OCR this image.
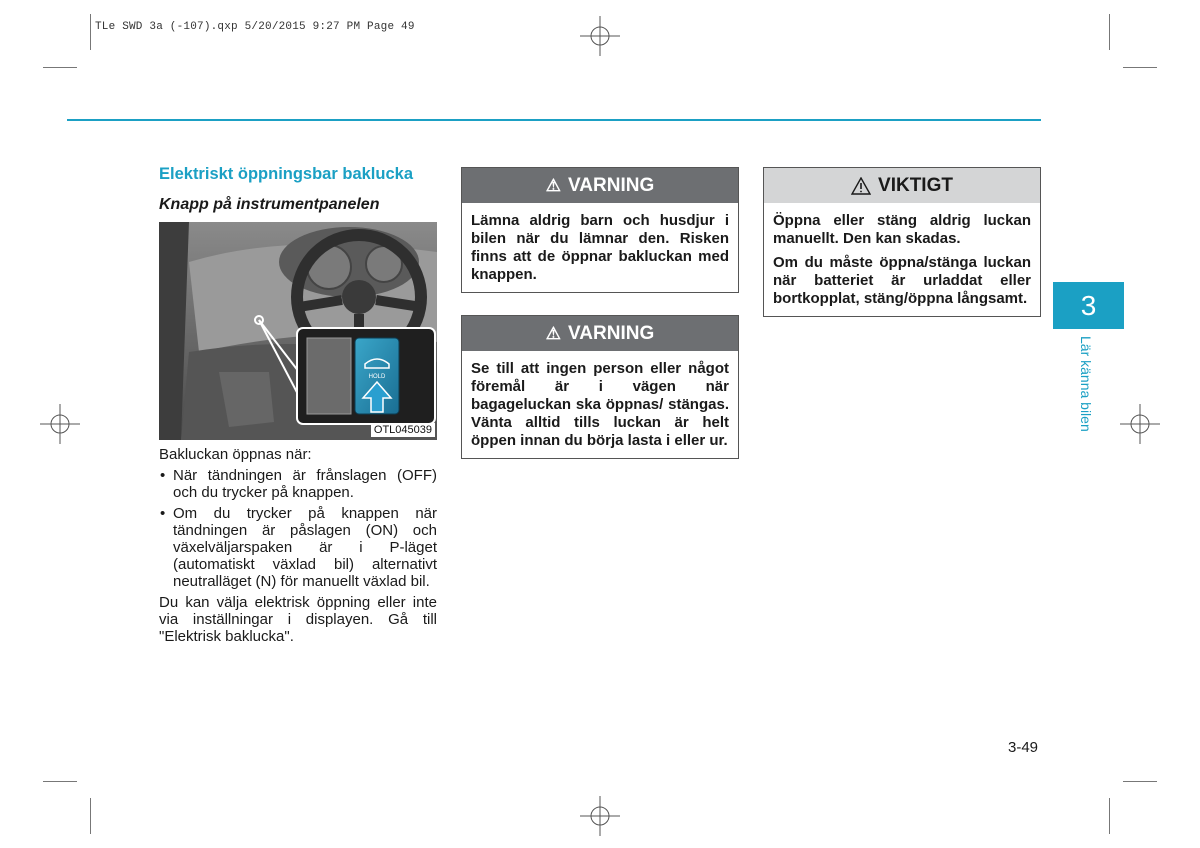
TLe SWD 3a (-107).qxp 5/20/2015 9:27 PM Page 49
Elektriskt öppningsbar baklucka
Knapp på instrumentpanelen
HOLD
OTL045039

Bakluckan öppnas när:

• När tändningen är frånslagen (OFF) och du trycker på knappen.
• Om du trycker på knappen när tändningen är påslagen (ON) och växelväljarspaken är i P-läget (automatiskt växlad bil) alternativt neutralläget (N) för manuellt växlad bil.

Du kan välja elektrisk öppning eller inte via inställningar i displayen. Gå till "Elektrisk baklucka".

⚠ VARNING

Lämna aldrig barn och husdjur i bilen när du lämnar den. Risken finns att de öppnar bakluckan med knappen.

⚠ VARNING

Se till att ingen person eller något föremål är i vägen när bagageluckan ska öppnas/ stängas. Vänta alltid tills luckan är helt öppen innan du börja lasta i eller ur.

VIKTIGT

Öppna eller stäng aldrig luckan manuellt. Den kan skadas.

Om du måste öppna/stänga luckan när batteriet är urladdat eller bortkopplat, stäng/öppna långsamt.	3
Lär känna bilen
3-49
